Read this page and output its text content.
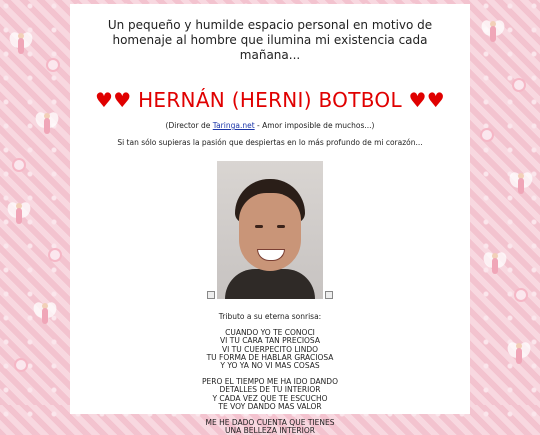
Un pequeño y humilde espacio personal en motivo de
homenaje al hombre que ilumina mi existencia cada mañana...
♥♥ HERNÁN (HERNI) BOTBOL ♥♥
(Director de Taringa.net - Amor imposible de muchos...)
Si tan sólo supieras la pasión que despiertas en lo más profundo de mi corazón...
Tributo a su eterna sonrisa:
CUANDO YO TE CONOCI
VI TU CARA TAN PRECIOSA
VI TU CUERPECITO LINDO
TU FORMA DE HABLAR GRACIOSA
Y YO YA NO VI MAS COSAS
PERO EL TIEMPO ME HA IDO DANDO
DETALLES DE TU INTERIOR
Y CADA VEZ QUE TE ESCUCHO
TE VOY DANDO MAS VALOR
ME HE DADO CUENTA QUE TIENES
UNA BELLEZA INTERIOR
